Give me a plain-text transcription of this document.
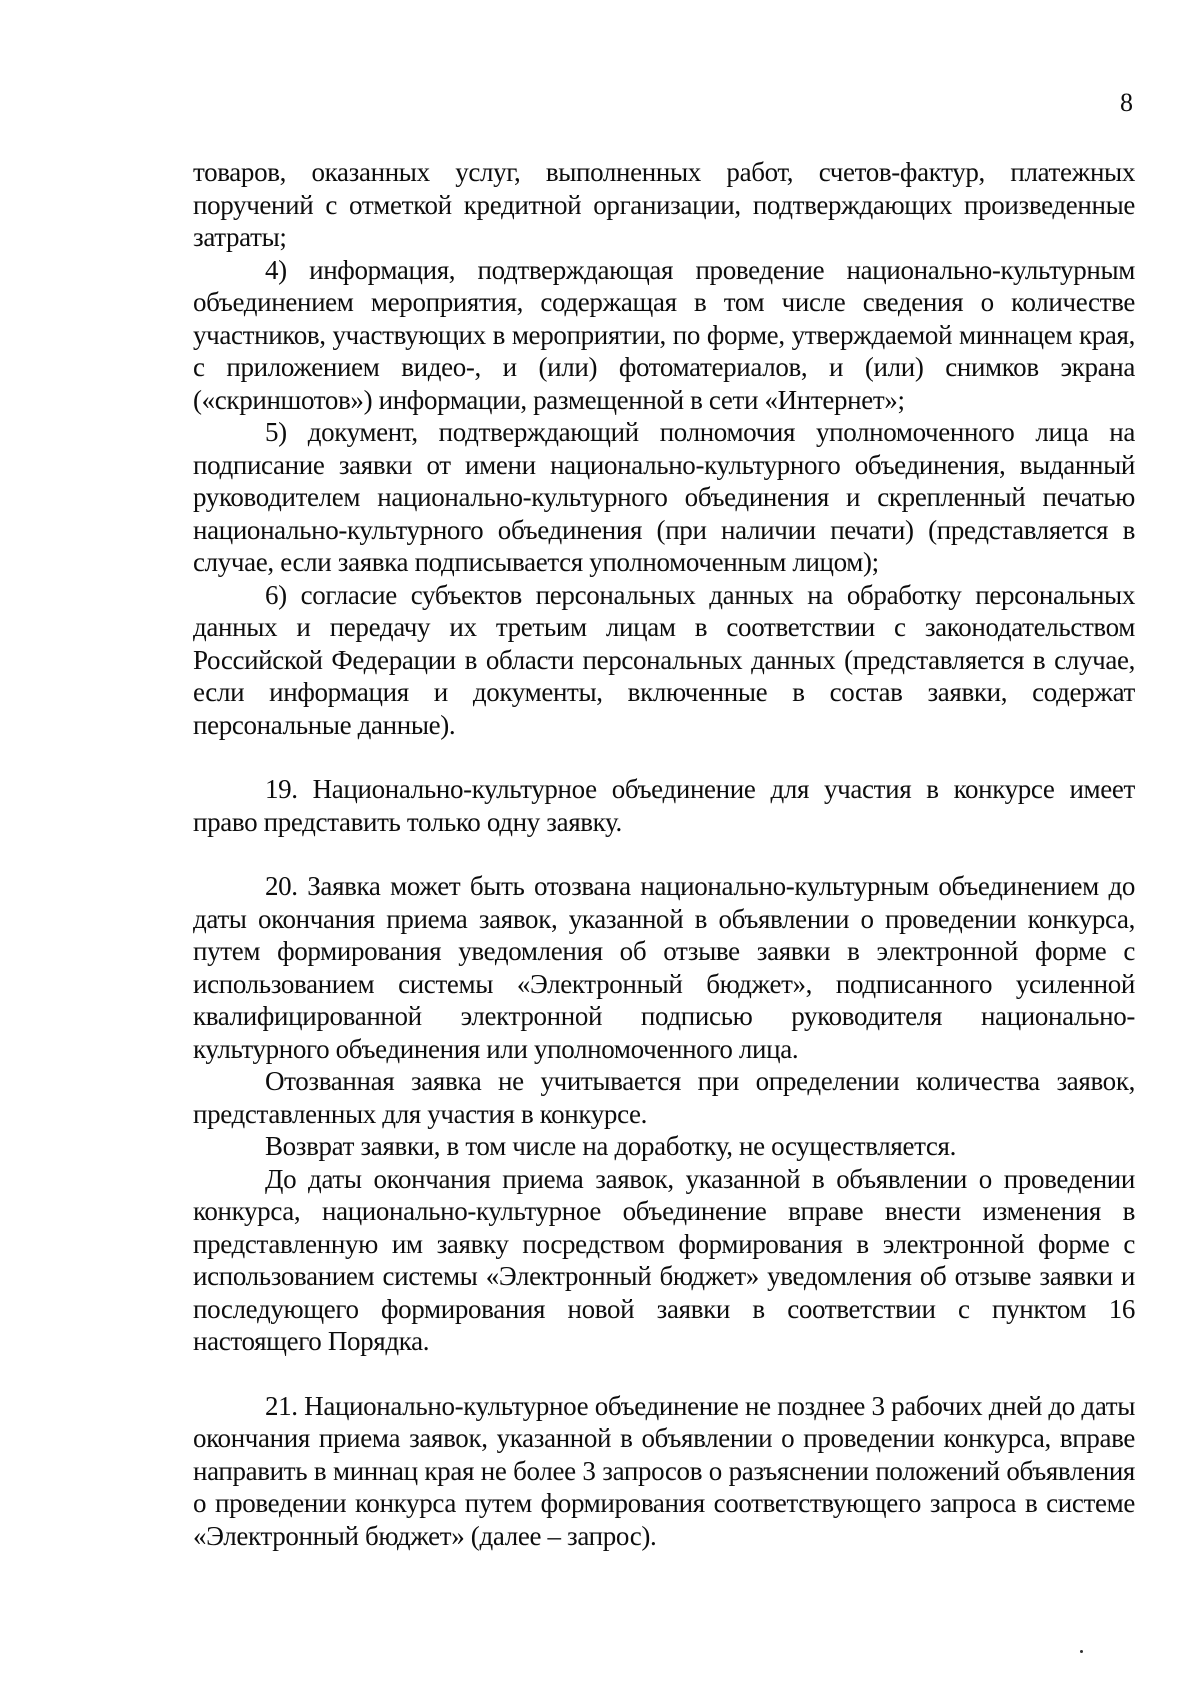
8

товаров, оказанных услуг, выполненных работ, счетов-фактур, платежных поручений с отметкой кредитной организации, подтверждающих произведенные затраты;

4) информация, подтверждающая проведение национально-культурным объединением мероприятия, содержащая в том числе сведения о количестве участников, участвующих в мероприятии, по форме, утверждаемой миннацем края, с приложением видео-, и (или) фотоматериалов, и (или) снимков экрана («скриншотов») информации, размещенной в сети «Интернет»;

5) документ, подтверждающий полномочия уполномоченного лица на подписание заявки от имени национально-культурного объединения, выданный руководителем национально-культурного объединения и скрепленный печатью национально-культурного объединения (при наличии печати) (представляется в случае, если заявка подписывается уполномоченным лицом);

6) согласие субъектов персональных данных на обработку персональных данных и передачу их третьим лицам в соответствии с законодательством Российской Федерации в области персональных данных (представляется в случае, если информация и документы, включенные в состав заявки, содержат персональные данные).

19. Национально-культурное объединение для участия в конкурсе имеет право представить только одну заявку.

20. Заявка может быть отозвана национально-культурным объединением до даты окончания приема заявок, указанной в объявлении о проведении конкурса, путем формирования уведомления об отзыве заявки в электронной форме с использованием системы «Электронный бюджет», подписанного усиленной квалифицированной электронной подписью руководителя национально-культурного объединения или уполномоченного лица.

Отозванная заявка не учитывается при определении количества заявок, представленных для участия в конкурсе.

Возврат заявки, в том числе на доработку, не осуществляется.

До даты окончания приема заявок, указанной в объявлении о проведении конкурса, национально-культурное объединение вправе внести изменения в представленную им заявку посредством формирования в электронной форме с использованием системы «Электронный бюджет» уведомления об отзыве заявки и последующего формирования новой заявки в соответствии с пунктом 16 настоящего Порядка.

21. Национально-культурное объединение не позднее 3 рабочих дней до даты окончания приема заявок, указанной в объявлении о проведении конкурса, вправе направить в миннац края не более 3 запросов о разъяснении положений объявления о проведении конкурса путем формирования соответствующего запроса в системе «Электронный бюджет» (далее – запрос).
